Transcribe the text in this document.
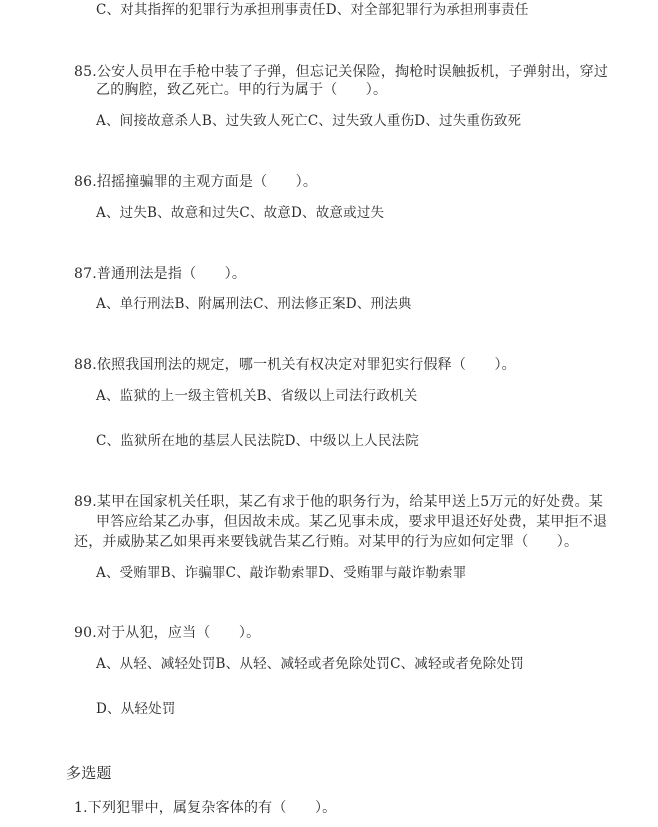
C、对其指挥的犯罪行为承担刑事责任D、对全部犯罪行为承担刑事责任
85.公安人员甲在手枪中装了子弹，但忘记关保险，掏枪时误触扳机，子弹射出，穿过
乙的胸腔，致乙死亡。甲的行为属于（　　）。
A、间接故意杀人B、过失致人死亡C、过失致人重伤D、过失重伤致死
86.招摇撞骗罪的主观方面是（　　）。
A、过失B、故意和过失C、故意D、故意或过失
87.普通刑法是指（　　）。
A、单行刑法B、附属刑法C、刑法修正案D、刑法典
88.依照我国刑法的规定，哪一机关有权决定对罪犯实行假释（　　）。
A、监狱的上一级主管机关B、省级以上司法行政机关
C、监狱所在地的基层人民法院D、中级以上人民法院
89.某甲在国家机关任职，某乙有求于他的职务行为，给某甲送上5万元的好处费。某
甲答应给某乙办事，但因故未成。某乙见事未成，要求甲退还好处费，某甲拒不退
还，并威胁某乙如果再来要钱就告某乙行贿。对某甲的行为应如何定罪（　　）。
A、受贿罪B、诈骗罪C、敲诈勒索罪D、受贿罪与敲诈勒索罪
90.对于从犯，应当（　　）。
A、从轻、减轻处罚B、从轻、减轻或者免除处罚C、减轻或者免除处罚
D、从轻处罚
多选题
1.下列犯罪中，属复杂客体的有（　　）。
